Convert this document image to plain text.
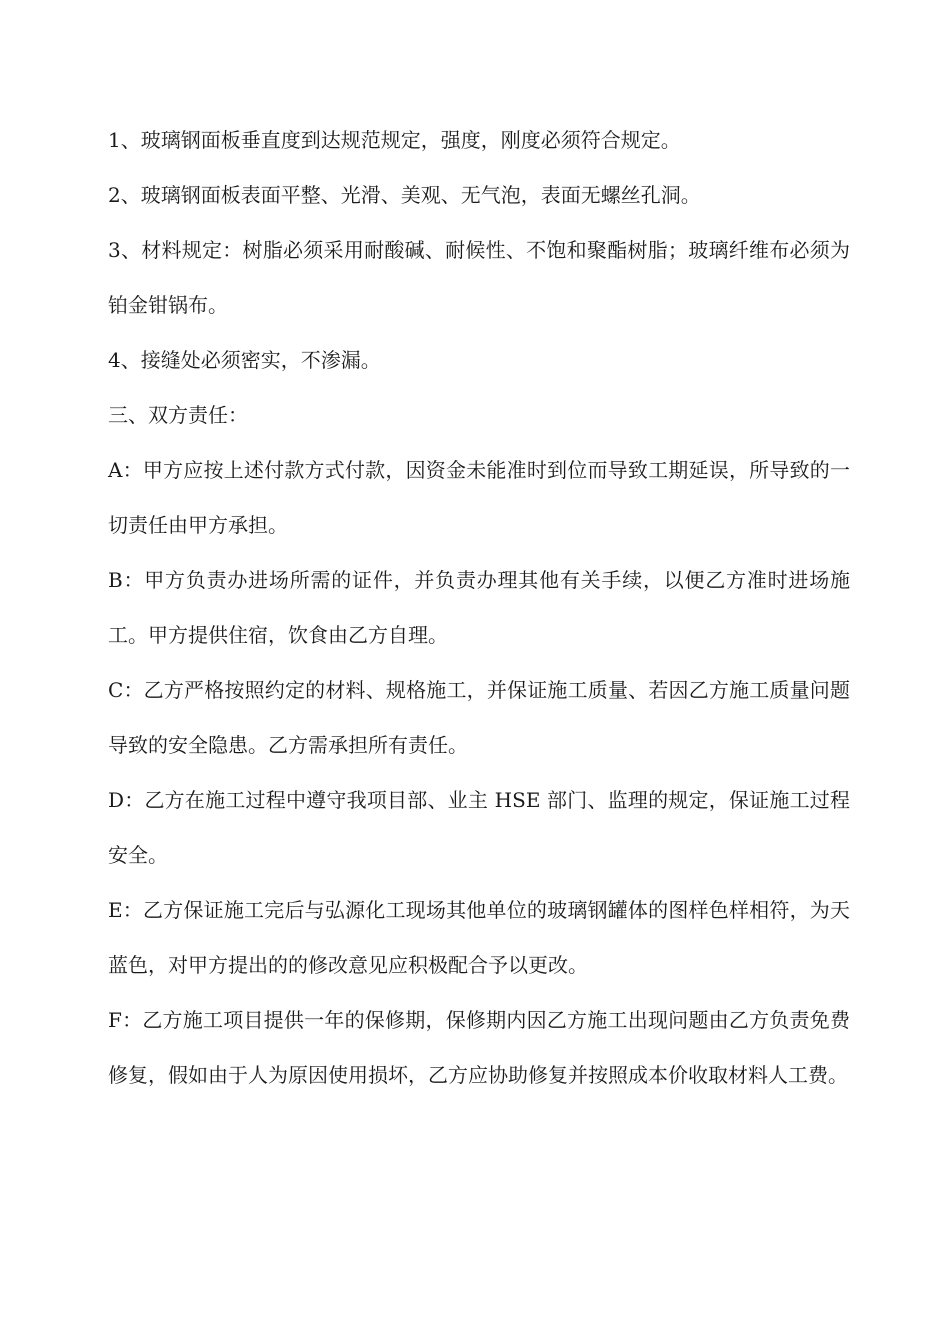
1、玻璃钢面板垂直度到达规范规定，强度，刚度必须符合规定。

2、玻璃钢面板表面平整、光滑、美观、无气泡，表面无螺丝孔洞。

3、材料规定：树脂必须采用耐酸碱、耐候性、不饱和聚酯树脂；玻璃纤维布必须为铂金钳锅布。

4、接缝处必须密实，不渗漏。

三、双方责任：

A：甲方应按上述付款方式付款，因资金未能准时到位而导致工期延误，所导致的一切责任由甲方承担。

B：甲方负责办进场所需的证件，并负责办理其他有关手续，以便乙方准时进场施工。甲方提供住宿，饮食由乙方自理。

C：乙方严格按照约定的材料、规格施工，并保证施工质量、若因乙方施工质量问题导致的安全隐患。乙方需承担所有责任。

D：乙方在施工过程中遵守我项目部、业主 HSE 部门、监理的规定，保证施工过程安全。

E：乙方保证施工完后与弘源化工现场其他单位的玻璃钢罐体的图样色样相符，为天蓝色，对甲方提出的的修改意见应积极配合予以更改。

F：乙方施工项目提供一年的保修期，保修期内因乙方施工出现问题由乙方负责免费修复，假如由于人为原因使用损坏，乙方应协助修复并按照成本价收取材料人工费。
